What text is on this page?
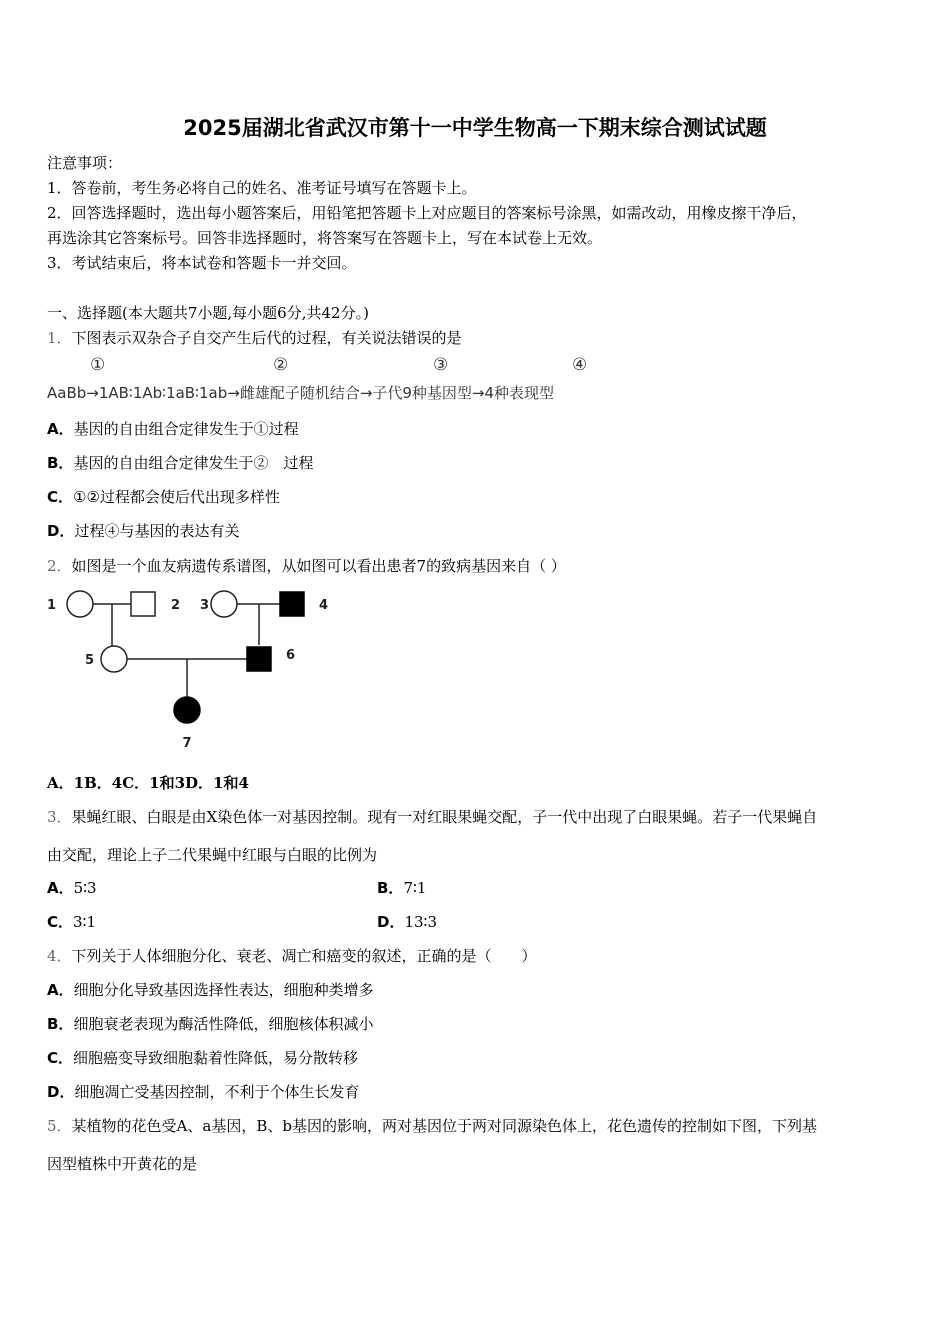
2025届湖北省武汉市第十一中学生物高一下期末综合测试试题
注意事项：
1．答卷前，考生务必将自己的姓名、准考证号填写在答题卡上。
2．回答选择题时，选出每小题答案后，用铅笔把答题卡上对应题目的答案标号涂黑，如需改动，用橡皮擦干净后，
再选涂其它答案标号。回答非选择题时，将答案写在答题卡上，写在本试卷上无效。
3．考试结束后，将本试卷和答题卡一并交回。
一、选择题(本大题共7小题,每小题6分,共42分。)
1．下图表示双杂合子自交产生后代的过程，有关说法错误的是
①	②	③	④
AaBb→1AB∶1Ab∶1aB∶1ab→雌雄配子随机结合→子代9种基因型→4种表现型
A．基因的自由组合定律发生于①过程
B．基因的自由组合定律发生于②　过程
C．①②过程都会使后代出现多样性
D．过程④与基因的表达有关
2．如图是一个血友病遗传系谱图，从如图可以看出患者7的致病基因来自（ ）
1	2 3	4
5	6
7
A．1B．4C．1和3D．1和4
3．果蝇红眼、白眼是由X染色体一对基因控制。现有一对红眼果蝇交配，子一代中出现了白眼果蝇。若子一代果蝇自
由交配，理论上子二代果蝇中红眼与白眼的比例为
A．5∶3	B．7∶1
C．3∶1	D．13∶3
4．下列关于人体细胞分化、衰老、凋亡和癌变的叙述，正确的是（　　）
A．细胞分化导致基因选择性表达，细胞种类增多
B．细胞衰老表现为酶活性降低，细胞核体积减小
C．细胞癌变导致细胞黏着性降低，易分散转移
D．细胞凋亡受基因控制，不利于个体生长发育
5．某植物的花色受A、a基因，B、b基因的影响，两对基因位于两对同源染色体上，花色遗传的控制如下图，下列基
因型植株中开黄花的是
